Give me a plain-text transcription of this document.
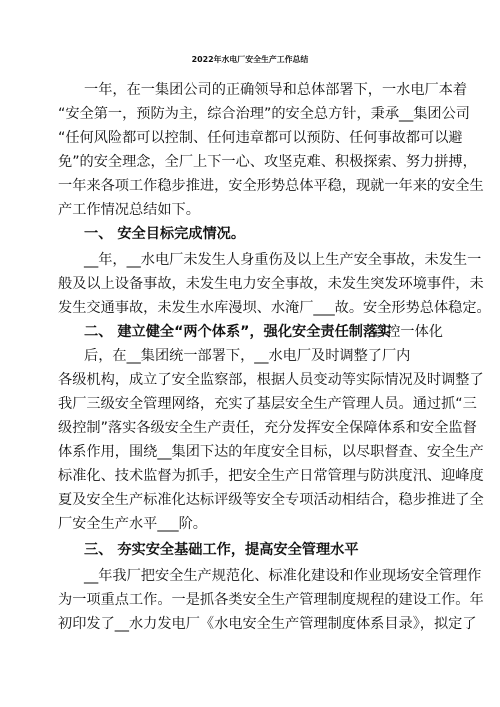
2022年水电厂安全生产工作总结
一年，在一集团公司的正确领导和总体部署下，一水电厂本着
“安全第一，预防为主，综合治理”的安全总方针，秉承__集团公司
“任何风险都可以控制、任何违章都可以预防、任何事故都可以避
免”的安全理念，全厂上下一心、攻坚克难、积极探索、努力拼搏，
一年来各项工作稳步推进，安全形势总体平稳，现就一年来的安全生
产工作情况总结如下。
一、 安全目标完成情况。
__年，__水电厂未发生人身重伤及以上生产安全事故，未发生一
般及以上设备事故，未发生电力安全事故，未发生突发环境事件，未
发生交通事故，未发生水库漫坝、水淹厂___故。安全形势总体稳定。
二、 建立健全“两个体系”，强化安全责任制落实
管控一体化
后，在__集团统一部署下，__水电厂及时调整了厂内
各级机构，成立了安全监察部，根据人员变动等实际情况及时调整了
我厂三级安全管理网络，充实了基层安全生产管理人员。通过抓“三
级控制”落实各级安全生产责任，充分发挥安全保障体系和安全监督
体系作用，围绕__集团下达的年度安全目标，以尽职督查、安全生产
标准化、技术监督为抓手，把安全生产日常管理与防洪度汛、迎峰度
夏及安全生产标准化达标评级等安全专项活动相结合，稳步推进了全
厂安全生产水平___阶。
三、 夯实安全基础工作，提高安全管理水平
__年我厂把安全生产规范化、标准化建设和作业现场安全管理作
为一项重点工作。一是抓各类安全生产管理制度规程的建设工作。年
初印发了__水力发电厂《水电安全生产管理制度体系目录》，拟定了
